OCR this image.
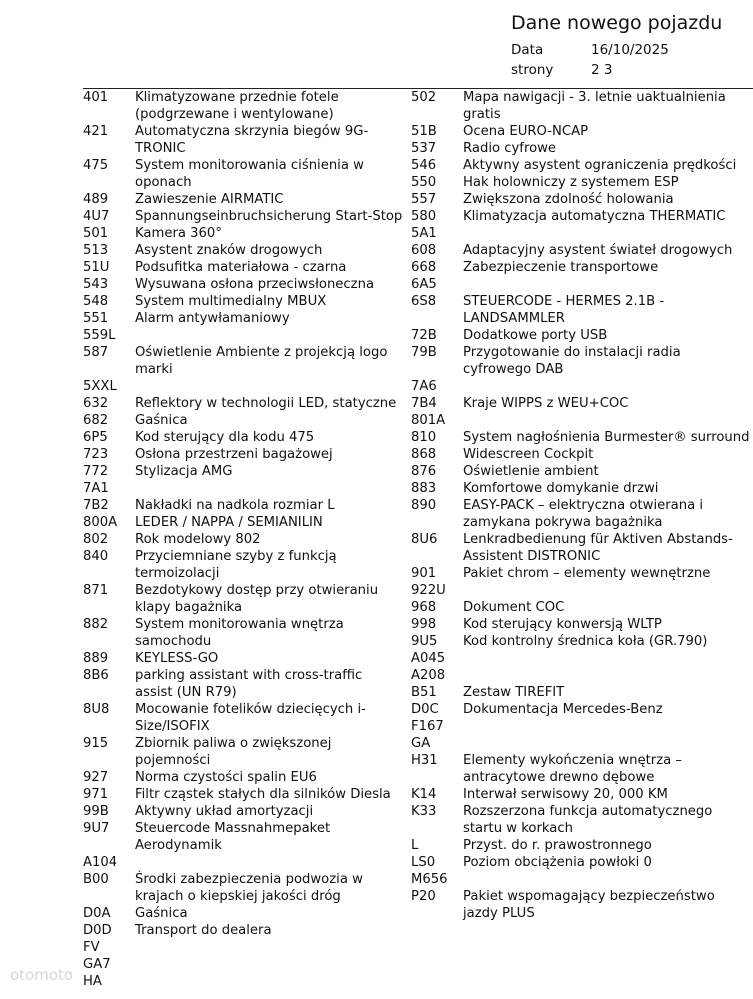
Dane nowego pojazdu
Data	16/10/2025
strony	2 3
401	Klimatyzowane przednie fotele (podgrzewane i wentylowane)
421	Automatyczna skrzynia biegów 9G-TRONIC
475	System monitorowania ciśnienia w oponach
489	Zawieszenie AIRMATIC
4U7	Spannungseinbruchsicherung Start-Stop
501	Kamera 360°
513	Asystent znaków drogowych
51U	Podsufitka materiałowa - czarna
543	Wysuwana osłona przeciwsłoneczna
548	System multimedialny MBUX
551	Alarm antywłamaniowy
559L
587	Oświetlenie Ambiente z projekcją logo marki
5XXL
632	Reflektory w technologii LED, statyczne
682	Gaśnica
6P5	Kod sterujący dla kodu 475
723	Osłona przestrzeni bagażowej
772	Stylizacja AMG
7A1
7B2	Nakładki na nadkola rozmiar L
800A	LEDER / NAPPA / SEMIANILIN
802	Rok modelowy 802
840	Przyciemniane szyby z funkcją termoizolacji
871	Bezdotykowy dostęp przy otwieraniu klapy bagażnika
882	System monitorowania wnętrza samochodu
889	KEYLESS-GO
8B6	parking assistant with cross-traffic assist (UN R79)
8U8	Mocowanie fotelików dziecięcych i-Size/ISOFIX
915	Zbiornik paliwa o zwiększonej pojemności
927	Norma czystości spalin EU6
971	Filtr cząstek stałych dla silników Diesla
99B	Aktywny układ amortyzacji
9U7	Steuercode Massnahmepaket Aerodynamik
A104
B00	Środki zabezpieczenia podwozia w krajach o kiepskiej jakości dróg
D0A	Gaśnica
D0D	Transport do dealera
FV
GA7
HA
502	Mapa nawigacji - 3. letnie uaktualnienia gratis
51B	Ocena EURO-NCAP
537	Radio cyfrowe
546	Aktywny asystent ograniczenia prędkości
550	Hak holowniczy z systemem ESP
557	Zwiększona zdolność holowania
580	Klimatyzacja automatyczna THERMATIC
5A1
608	Adaptacyjny asystent świateł drogowych
668	Zabezpieczenie transportowe
6A5
6S8	STEUERCODE - HERMES 2.1B - LANDSAMMLER
72B	Dodatkowe porty USB
79B	Przygotowanie do instalacji radia cyfrowego DAB
7A6
7B4	Kraje WIPPS z WEU+COC
801A
810	System nagłośnienia Burmester® surround
868	Widescreen Cockpit
876	Oświetlenie ambient
883	Komfortowe domykanie drzwi
890	EASY-PACK – elektryczna otwierana i zamykana pokrywa bagażnika
8U6	Lenkradbedienung für Aktiven Abstands-Assistent DISTRONIC
901	Pakiet chrom – elementy wewnętrzne
922U
968	Dokument COC
998	Kod sterujący konwersją WLTP
9U5	Kod kontrolny średnica koła (GR.790)
A045
A208
B51	Zestaw TIREFIT
D0C	Dokumentacja Mercedes-Benz
F167
GA
H31	Elementy wykończenia wnętrza – antracytowe drewno dębowe
K14	Interwał serwisowy 20, 000 KM
K33	Rozszerzona funkcja automatycznego startu w korkach
L	Przyst. do r. prawostronnego
LS0	Poziom obciążenia powłoki 0
M656
P20	Pakiet wspomagający bezpieczeństwo jazdy PLUS
otomoto
